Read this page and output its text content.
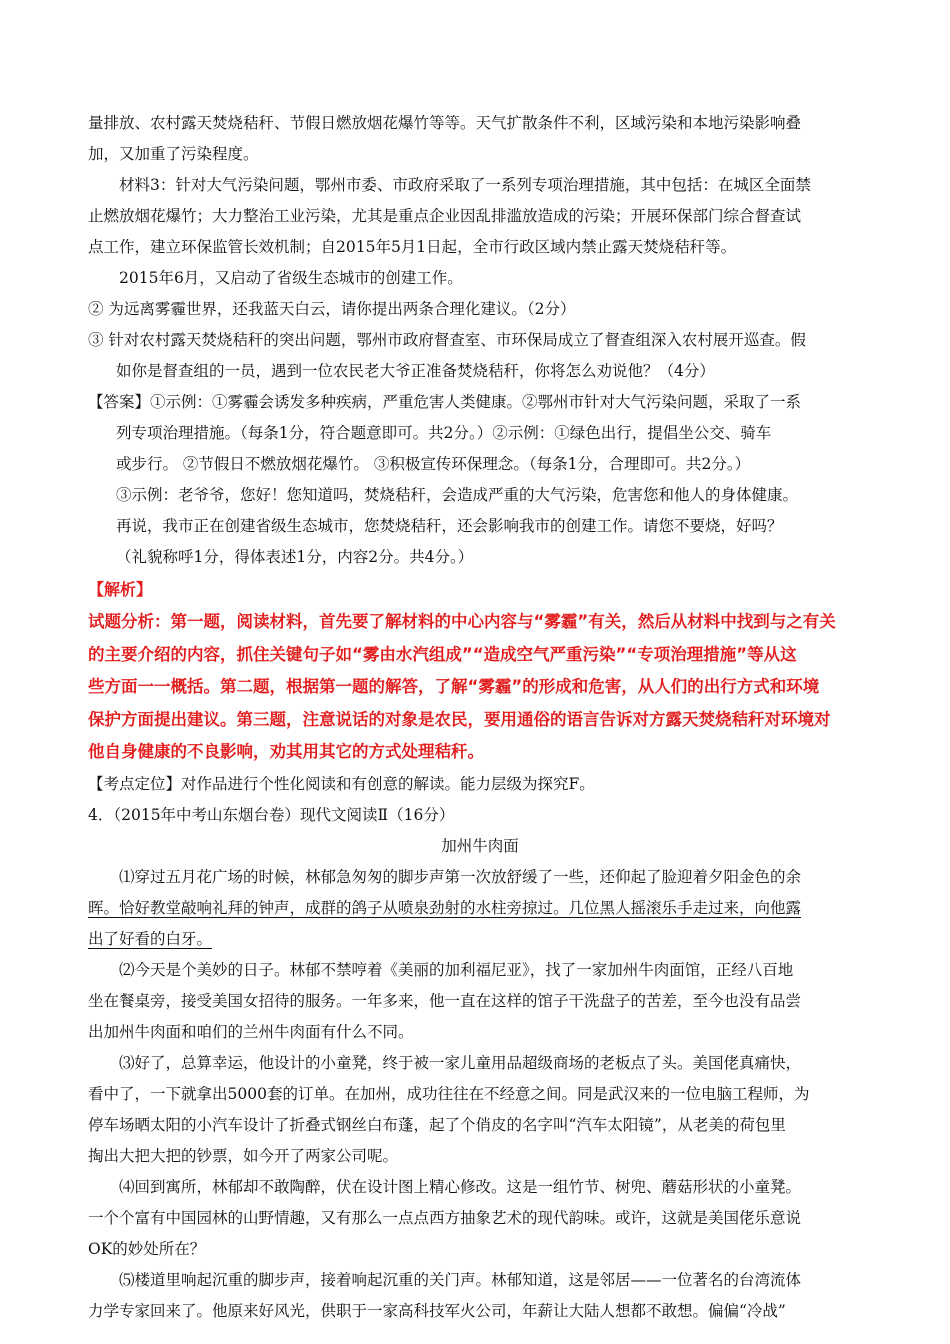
量排放、农村露天焚烧秸秆、节假日燃放烟花爆竹等等。天气扩散条件不利，区域污染和本地污染影响叠
加，又加重了污染程度。
材料3：针对大气污染问题，鄂州市委、市政府采取了一系列专项治理措施，其中包括：在城区全面禁
止燃放烟花爆竹；大力整治工业污染，尤其是重点企业因乱排滥放造成的污染；开展环保部门综合督查试
点工作，建立环保监管长效机制；自2015年5月1日起，全市行政区域内禁止露天焚烧秸秆等。
2015年6月，又启动了省级生态城市的创建工作。
② 为远离雾霾世界，还我蓝天白云，请你提出两条合理化建议。（2分）
③ 针对农村露天焚烧秸秆的突出问题，鄂州市政府督查室、市环保局成立了督查组深入农村展开巡查。假
如你是督查组的一员，遇到一位农民老大爷正准备焚烧秸秆，你将怎么劝说他？（4分）
【答案】①示例：①雾霾会诱发多种疾病，严重危害人类健康。②鄂州市针对大气污染问题，采取了一系
列专项治理措施。（每条1分，符合题意即可。共2分。）②示例：①绿色出行，提倡坐公交、骑车
或步行。 ②节假日不燃放烟花爆竹。 ③积极宣传环保理念。（每条1分，合理即可。共2分。）
③示例：老爷爷，您好！您知道吗，焚烧秸秆，会造成严重的大气污染，危害您和他人的身体健康。
再说，我市正在创建省级生态城市，您焚烧秸秆，还会影响我市的创建工作。请您不要烧，好吗？
（礼貌称呼1分，得体表述1分，内容2分。共4分。）
【解析】
试题分析：第一题，阅读材料，首先要了解材料的中心内容与“雾霾”有关，然后从材料中找到与之有关
的主要介绍的内容，抓住关键句子如“雾由水汽组成”“造成空气严重污染”“专项治理措施”等从这
些方面一一概括。第二题，根据第一题的解答，了解“雾霾”的形成和危害，从人们的出行方式和环境
保护方面提出建议。第三题，注意说话的对象是农民，要用通俗的语言告诉对方露天焚烧秸秆对环境对
他自身健康的不良影响，劝其用其它的方式处理秸秆。
【考点定位】对作品进行个性化阅读和有创意的解读。能力层级为探究F。
4．（2015年中考山东烟台卷）现代文阅读Ⅱ（16分）
加州牛肉面
⑴穿过五月花广场的时候，林郁急匆匆的脚步声第一次放舒缓了一些，还仰起了脸迎着夕阳金色的余
晖。恰好教堂敲响礼拜的钟声，成群的鸽子从喷泉劲射的水柱旁掠过。几位黑人摇滚乐手走过来，向他露
出了好看的白牙。
⑵今天是个美妙的日子。林郁不禁哼着《美丽的加利福尼亚》，找了一家加州牛肉面馆，正经八百地
坐在餐桌旁，接受美国女招待的服务。一年多来，他一直在这样的馆子干洗盘子的苦差，至今也没有品尝
出加州牛肉面和咱们的兰州牛肉面有什么不同。
⑶好了，总算幸运，他设计的小童凳，终于被一家儿童用品超级商场的老板点了头。美国佬真痛快，
看中了，一下就拿出5000套的订单。在加州，成功往往在不经意之间。同是武汉来的一位电脑工程师，为
停车场晒太阳的小汽车设计了折叠式钢丝白布蓬，起了个俏皮的名字叫“汽车太阳镜”，从老美的荷包里
掏出大把大把的钞票，如今开了两家公司呢。
⑷回到寓所，林郁却不敢陶醉，伏在设计图上精心修改。这是一组竹节、树兜、蘑菇形状的小童凳。
一个个富有中国园林的山野情趣，又有那么一点点西方抽象艺术的现代韵味。或许，这就是美国佬乐意说
OK的妙处所在？
⑸楼道里响起沉重的脚步声，接着响起沉重的关门声。林郁知道，这是邻居——一位著名的台湾流体
力学专家回来了。他原来好风光，供职于一家高科技军火公司，年薪让大陆人想都不敢想。偏偏“冷战”
